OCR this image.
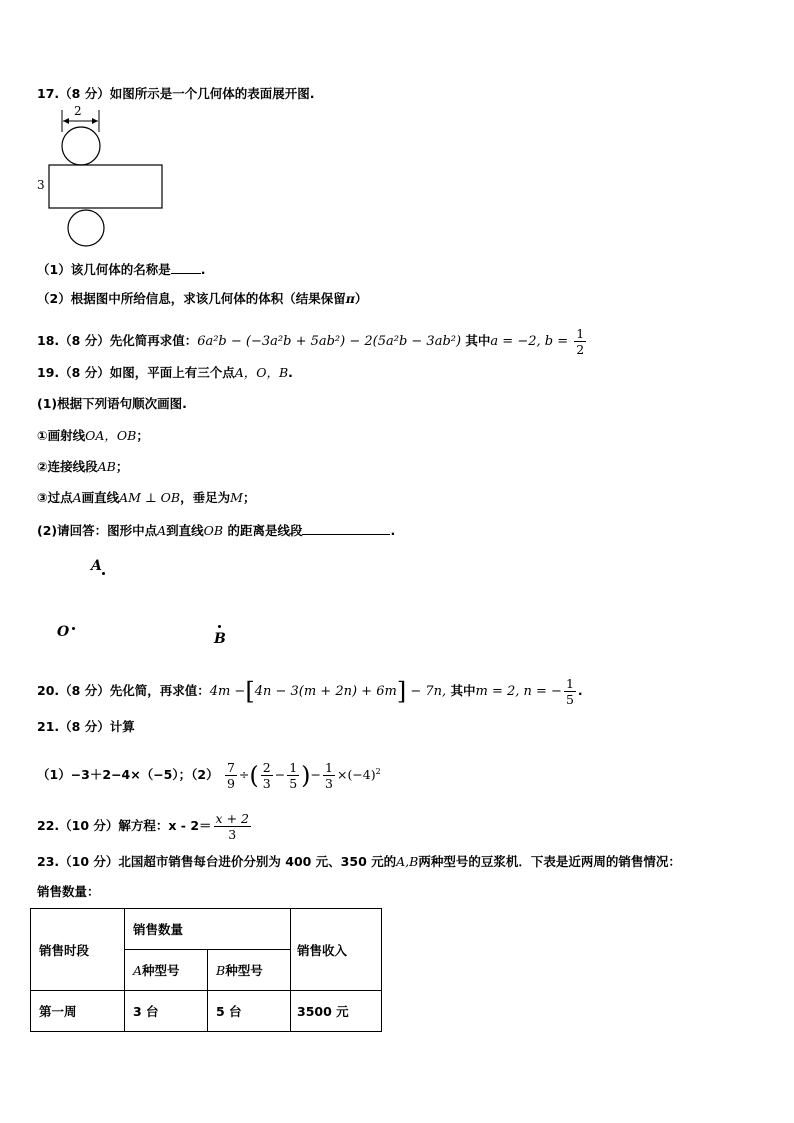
17.（8 分）如图所示是一个几何体的表面展开图.
2
3
（1）该几何体的名称是 .
（2）根据图中所给信息，求该几何体的体积（结果保留π）
18.（8 分）先化简再求值：6a²b − (−3a²b + 5ab²) − 2(5a²b − 3ab²) 其中a = −2, $b = \frac{1}{2}$
19.（8 分）如图，平面上有三个点A，O，B.
(1)根据下列语句顺次画图.
①画射线OA，OB；
②连接线段AB；
③过点A画直线AM ⊥ OB，垂足为M；
(2)请回答：图形中点A到直线OB 的距离是线段	.
A
O	B
20.（8 分）先化简，再求值：4m −[4n − 3(m + 2n) + 6m] − 7n, 其中m = 2, n = − $\frac{1}{5}$ .
21.（8 分）计算
（1）−3＋2−4×（−5）；$(2) \frac{7}{9}$ ÷( $\frac{2}{3} - \frac{1}{5}$ )− $\frac{1}{3} \times(-4)^2$
22.（10 分）解方程：$x - 2= \frac{x + 2}{3}$
23.（10 分）北国超市销售每台进价分别为 400 元、350 元的A,B两种型号的豆浆机．下表是近两周的销售情况：
销售数量：
销售时段	销售数量		销售收入
	A种型号	B种型号	
第一周	3 台	5 台	3500 元
